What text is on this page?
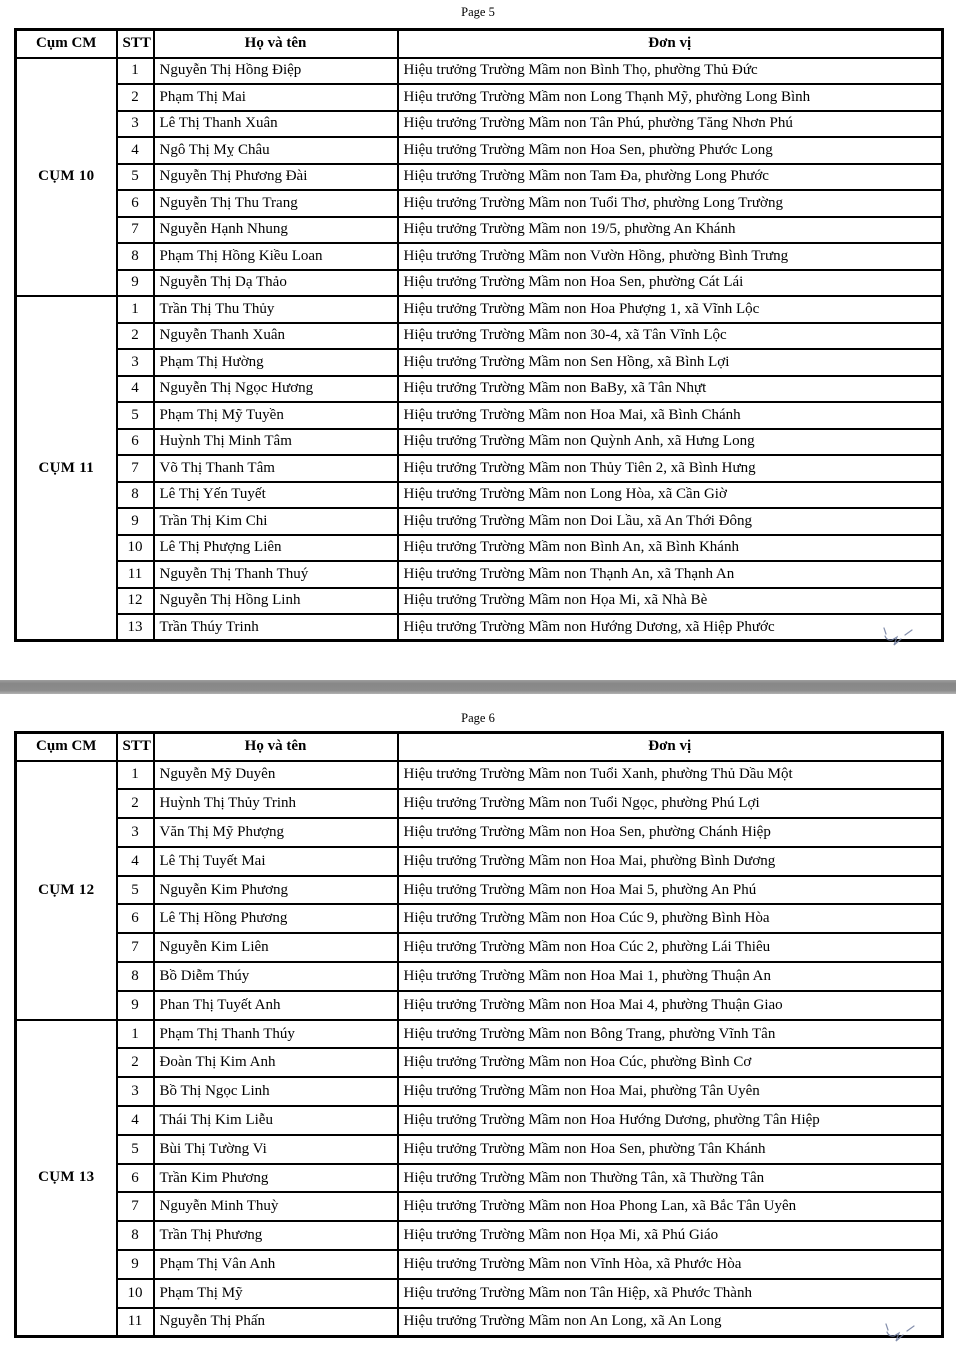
Page 5
Cụm CM	STT	Họ và tên	Đơn vị
CỤM 10	1	Nguyễn Thị Hồng Điệp	Hiệu trưởng Trường Mầm non Bình Thọ, phường Thủ Đức
	2	Phạm Thị Mai	Hiệu trưởng Trường Mầm non Long Thạnh Mỹ, phường Long Bình
	3	Lê Thị Thanh Xuân	Hiệu trưởng Trường Mầm non Tân Phú, phường Tăng Nhơn Phú
	4	Ngô Thị Mỵ Châu	Hiệu trưởng Trường Mầm non Hoa Sen, phường Phước Long
	5	Nguyễn Thị Phương Đài	Hiệu trưởng Trường Mầm non Tam Đa, phường Long Phước
	6	Nguyễn Thị Thu Trang	Hiệu trưởng Trường Mầm non Tuổi Thơ, phường Long Trường
	7	Nguyễn Hạnh Nhung	Hiệu trưởng Trường Mầm non 19/5, phường An Khánh
	8	Phạm Thị Hồng Kiều Loan	Hiệu trưởng Trường Mầm non Vườn Hồng, phường Bình Trưng
	9	Nguyễn Thị Dạ Thảo	Hiệu trưởng Trường Mầm non Hoa Sen, phường Cát Lái
CỤM 11	1	Trần Thị Thu Thủy	Hiệu trưởng Trường Mầm non Hoa Phượng 1, xã Vĩnh Lộc
	2	Nguyễn Thanh Xuân	Hiệu trưởng Trường Mầm non 30-4, xã Tân Vĩnh Lộc
	3	Phạm Thị Hường	Hiệu trưởng Trường Mầm non Sen Hồng, xã Bình Lợi
	4	Nguyễn Thị Ngọc Hương	Hiệu trưởng Trường Mầm non BaBy, xã Tân Nhựt
	5	Phạm Thị Mỹ Tuyền	Hiệu trưởng Trường Mầm non Hoa Mai, xã Bình Chánh
	6	Huỳnh Thị Minh Tâm	Hiệu trưởng Trường Mầm non Quỳnh Anh, xã Hưng Long
	7	Võ Thị Thanh Tâm	Hiệu trưởng Trường Mầm non Thủy Tiên 2, xã Bình Hưng
	8	Lê Thị Yến Tuyết	Hiệu trưởng Trường Mầm non Long Hòa, xã Cần Giờ
	9	Trần Thị Kim Chi	Hiệu trưởng Trường Mầm non Doi Lầu, xã An Thới Đông
	10	Lê Thị Phượng Liên	Hiệu trưởng Trường Mầm non Bình An, xã Bình Khánh
	11	Nguyễn Thị Thanh Thuý	Hiệu trưởng Trường Mầm non Thạnh An, xã Thạnh An
	12	Nguyễn Thị Hồng Linh	Hiệu trưởng Trường Mầm non Họa Mi, xã Nhà Bè
	13	Trần Thúy Trinh	Hiệu trưởng Trường Mầm non Hướng Dương, xã Hiệp Phước
Page 6
Cụm CM	STT	Họ và tên	Đơn vị
CỤM 12	1	Nguyễn Mỹ Duyên	Hiệu trưởng Trường Mầm non Tuổi Xanh, phường Thủ Dầu Một
	2	Huỳnh Thị Thủy Trinh	Hiệu trưởng Trường Mầm non Tuổi Ngọc, phường Phú Lợi
	3	Văn Thị Mỹ Phượng	Hiệu trưởng Trường Mầm non Hoa Sen, phường Chánh Hiệp
	4	Lê Thị Tuyết Mai	Hiệu trưởng Trường Mầm non Hoa Mai, phường Bình Dương
	5	Nguyễn Kim Phương	Hiệu trưởng Trường Mầm non Hoa Mai 5, phường An Phú
	6	Lê Thị Hồng Phương	Hiệu trưởng Trường Mầm non Hoa Cúc 9, phường Bình Hòa
	7	Nguyễn Kim Liên	Hiệu trưởng Trường Mầm non Hoa Cúc 2, phường Lái Thiêu
	8	Bồ Diễm Thúy	Hiệu trưởng Trường Mầm non Hoa Mai 1, phường Thuận An
	9	Phan Thị Tuyết Anh	Hiệu trưởng Trường Mầm non Hoa Mai 4, phường Thuận Giao
CỤM 13	1	Phạm Thị Thanh Thúy	Hiệu trưởng Trường Mầm non Bông Trang, phường Vĩnh Tân
	2	Đoàn Thị Kim Anh	Hiệu trưởng Trường Mầm non Hoa Cúc, phường Bình Cơ
	3	Bồ Thị Ngọc Linh	Hiệu trưởng Trường Mầm non Hoa Mai, phường Tân Uyên
	4	Thái Thị Kim Liễu	Hiệu trưởng Trường Mầm non Hoa Hướng Dương, phường Tân Hiệp
	5	Bùi Thị Tường Vi	Hiệu trưởng Trường Mầm non Hoa Sen, phường Tân Khánh
	6	Trần Kim Phương	Hiệu trưởng Trường Mầm non Thường Tân, xã Thường Tân
	7	Nguyễn Minh Thuỳ	Hiệu trưởng Trường Mầm non Hoa Phong Lan, xã Bắc Tân Uyên
	8	Trần Thị Phương	Hiệu trưởng Trường Mầm non Họa Mi, xã Phú Giáo
	9	Phạm Thị Vân Anh	Hiệu trưởng Trường Mầm non Vĩnh Hòa, xã Phước Hòa
	10	Phạm Thị Mỹ	Hiệu trưởng Trường Mầm non Tân Hiệp, xã Phước Thành
	11	Nguyễn Thị Phấn	Hiệu trưởng Trường Mầm non An Long, xã An Long
